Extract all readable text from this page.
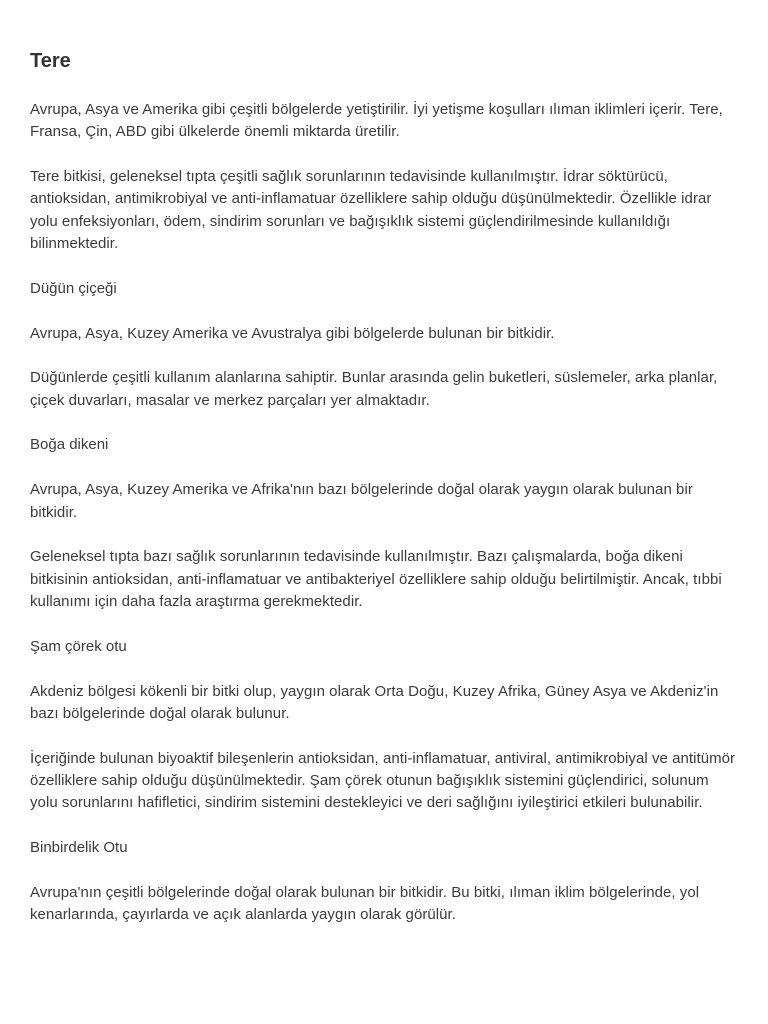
Tere

Avrupa, Asya ve Amerika gibi çeşitli bölgelerde yetiştirilir. İyi yetişme koşulları ılıman iklimleri içerir. Tere, Fransa, Çin, ABD gibi ülkelerde önemli miktarda üretilir.

Tere bitkisi, geleneksel tıpta çeşitli sağlık sorunlarının tedavisinde kullanılmıştır. İdrar söktürücü, antioksidan, antimikrobiyal ve anti-inflamatuar özelliklere sahip olduğu düşünülmektedir. Özellikle idrar yolu enfeksiyonları, ödem, sindirim sorunları ve bağışıklık sistemi güçlendirilmesinde kullanıldığı bilinmektedir.

Düğün çiçeği

Avrupa, Asya, Kuzey Amerika ve Avustralya gibi bölgelerde bulunan bir bitkidir.

Düğünlerde çeşitli kullanım alanlarına sahiptir. Bunlar arasında gelin buketleri, süslemeler, arka planlar, çiçek duvarları, masalar ve merkez parçaları yer almaktadır.

Boğa dikeni

Avrupa, Asya, Kuzey Amerika ve Afrika'nın bazı bölgelerinde doğal olarak yaygın olarak bulunan bir bitkidir.

Geleneksel tıpta bazı sağlık sorunlarının tedavisinde kullanılmıştır. Bazı çalışmalarda, boğa dikeni bitkisinin antioksidan, anti-inflamatuar ve antibakteriyel özelliklere sahip olduğu belirtilmiştir. Ancak, tıbbi kullanımı için daha fazla araştırma gerekmektedir.

Şam çörek otu

Akdeniz bölgesi kökenli bir bitki olup, yaygın olarak Orta Doğu, Kuzey Afrika, Güney Asya ve Akdeniz'in bazı bölgelerinde doğal olarak bulunur.

İçeriğinde bulunan biyoaktif bileşenlerin antioksidan, anti-inflamatuar, antiviral, antimikrobiyal ve antitümör özelliklere sahip olduğu düşünülmektedir. Şam çörek otunun bağışıklık sistemini güçlendirici, solunum yolu sorunlarını hafifletici, sindirim sistemini destekleyici ve deri sağlığını iyileştirici etkileri bulunabilir.

Binbirdelik Otu

Avrupa'nın çeşitli bölgelerinde doğal olarak bulunan bir bitkidir. Bu bitki, ılıman iklim bölgelerinde, yol kenarlarında, çayırlarda ve açık alanlarda yaygın olarak görülür.
